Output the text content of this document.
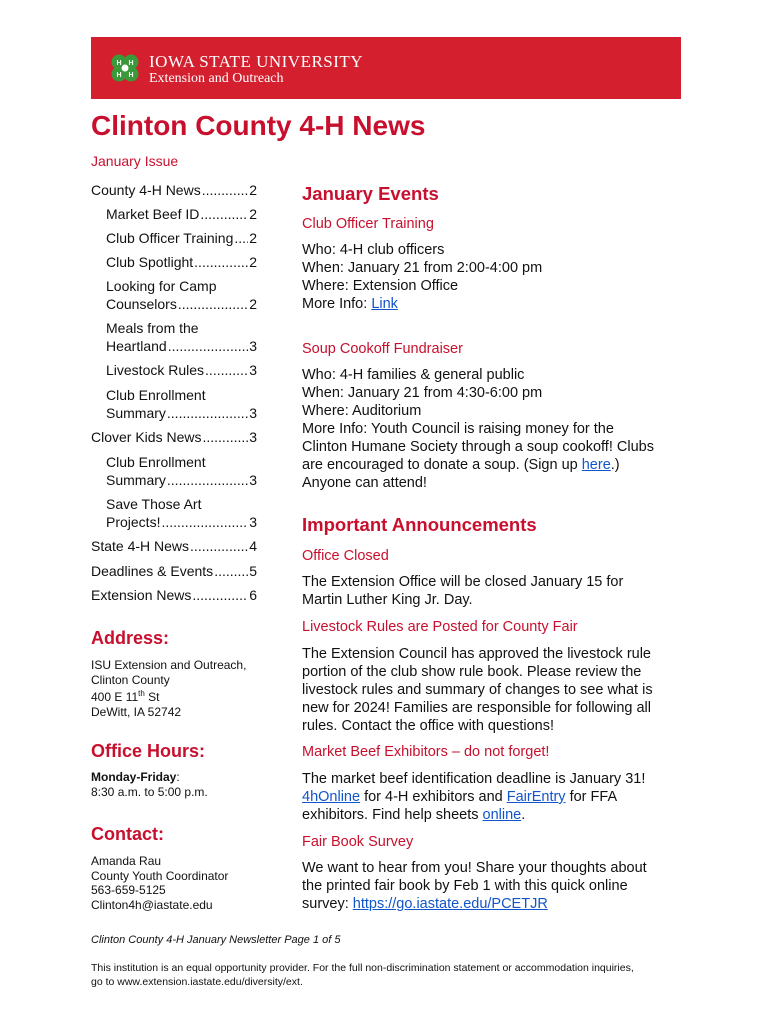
H H
H H
IOWA STATE UNIVERSITY
Extension and Outreach
Clinton County 4-H News
January Issue
County 4-H News .....	2
Market Beef ID .....	2
Club Officer Training ..... 2
Club Spotlight .....	2
Looking for Camp
Counselors .....	2
Meals from the
Heartland .....	3
Livestock Rules .....	3
Club Enrollment
Summary .....	3
Clover Kids News .....	3
Club Enrollment
Summary .....	3
Save Those Art
Projects! .....	3
State 4-H News .....	4
Deadlines & Events .....	5
Extension News .....	6
Address:
ISU Extension and Outreach,
Clinton County
400 E 11th St
DeWitt, IA 52742
Office Hours:
Monday-Friday:
8:30 a.m. to 5:00 p.m.
Contact:
Amanda Rau
County Youth Coordinator
563-659-5125
Clinton4h@iastate.edu
January Events
Club Officer Training
Who: 4-H club officers
When: January 21 from 2:00-4:00 pm
Where: Extension Office
More Info: Link
Soup Cookoff Fundraiser
Who: 4-H families & general public
When: January 21 from 4:30-6:00 pm
Where: Auditorium
More Info: Youth Council is raising money for the
Clinton Humane Society through a soup cookoff! Clubs
are encouraged to donate a soup. (Sign up here.)
Anyone can attend!
Important Announcements
Office Closed
The Extension Office will be closed January 15 for
Martin Luther King Jr. Day.
Livestock Rules are Posted for County Fair
The Extension Council has approved the livestock rule
portion of the club show rule book. Please review the
livestock rules and summary of changes to see what is
new for 2024! Families are responsible for following all
rules. Contact the office with questions!
Market Beef Exhibitors – do not forget!
The market beef identification deadline is January 31!
4hOnline for 4-H exhibitors and FairEntry for FFA
exhibitors. Find help sheets online.
Fair Book Survey
We want to hear from you! Share your thoughts about
the printed fair book by Feb 1 with this quick online
survey: https://go.iastate.edu/PCETJR
Clinton County 4-H January Newsletter Page 1 of 5
This institution is an equal opportunity provider. For the full non-discrimination statement or accommodation inquiries,
go to www.extension.iastate.edu/diversity/ext.
